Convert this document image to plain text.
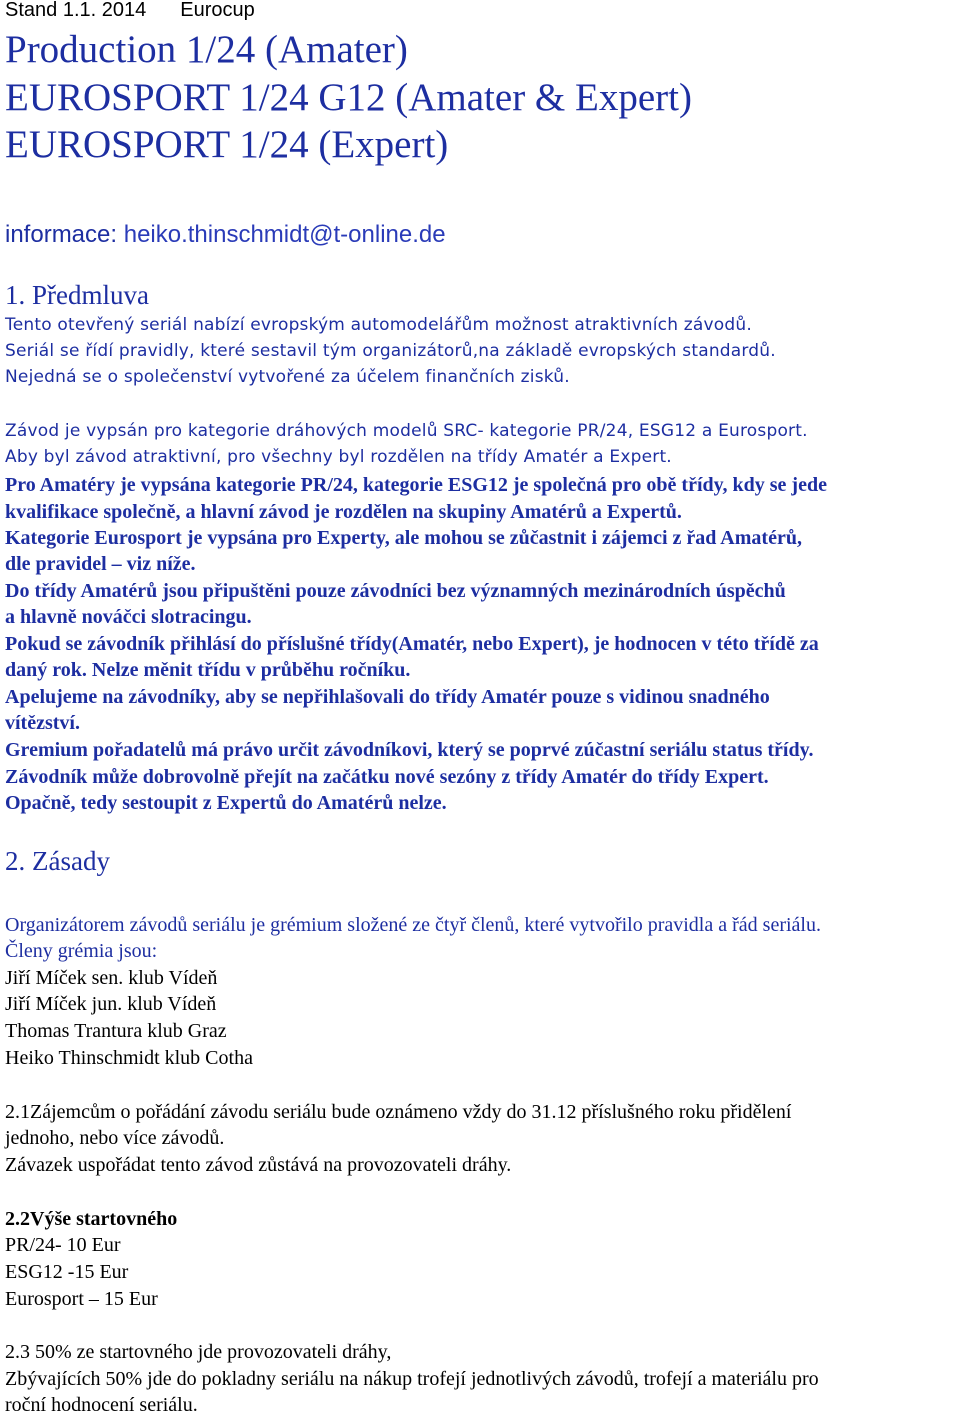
Stand 1.1. 2014 Eurocup
Production 1/24 (Amater)
EUROSPORT 1/24 G12 (Amater & Expert)
EUROSPORT 1/24 (Expert)
informace: heiko.thinschmidt@t-online.de
1. Předmluva
Tento otevřený seriál nabízí evropským automodelářům možnost atraktivních závodů.
Seriál se řídí pravidly, které sestavil tým organizátorů,na základě evropských standardů.
Nejedná se o společenství vytvořené za účelem finančních zisků.
Závod je vypsán pro kategorie dráhových modelů SRC- kategorie PR/24, ESG12 a Eurosport.
Aby byl závod atraktivní, pro všechny byl rozdělen na třídy Amatér a Expert.
Pro Amatéry je vypsána kategorie PR/24, kategorie ESG12 je společná pro obě třídy, kdy se jede
kvalifikace společně, a hlavní závod je rozdělen na skupiny Amatérů a Expertů.
Kategorie Eurosport je vypsána pro Experty, ale mohou se zůčastnit i zájemci z řad Amatérů,
dle pravidel – viz níže.
Do třídy Amatérů jsou připuštěni pouze závodníci bez významných mezinárodních úspěchů
a hlavně nováčci slotracingu.
Pokud se závodník přihlásí do příslušné třídy(Amatér, nebo Expert), je hodnocen v této třídě za
daný rok. Nelze měnit třídu v průběhu ročníku.
Apelujeme na závodníky, aby se nepřihlašovali do třídy Amatér pouze s vidinou snadného
vítězství.
Gremium pořadatelů má právo určit závodníkovi, který se poprvé zúčastní seriálu status třídy.
Závodník může dobrovolně přejít na začátku nové sezóny z třídy Amatér do třídy Expert.
Opačně, tedy sestoupit z Expertů do Amatérů nelze.
2. Zásady
Organizátorem závodů seriálu je grémium složené ze čtyř členů, které vytvořilo pravidla a řád seriálu.
Členy grémia jsou:
Jiří Míček sen. klub Vídeň
Jiří Míček jun. klub Vídeň
Thomas Trantura klub Graz
Heiko Thinschmidt klub Cotha
2.1Zájemcům o pořádání závodu seriálu bude oznámeno vždy do 31.12 příslušného roku přidělení
jednoho, nebo více závodů.
Závazek uspořádat tento závod zůstává na provozovateli dráhy.
2.2Výše startovného
PR/24- 10 Eur
ESG12 -15 Eur
Eurosport – 15 Eur
2.3 50% ze startovného jde provozovateli dráhy,
Zbývajících 50% jde do pokladny seriálu na nákup trofejí jednotlivých závodů, trofejí a materiálu pro
roční hodnocení seriálu.
